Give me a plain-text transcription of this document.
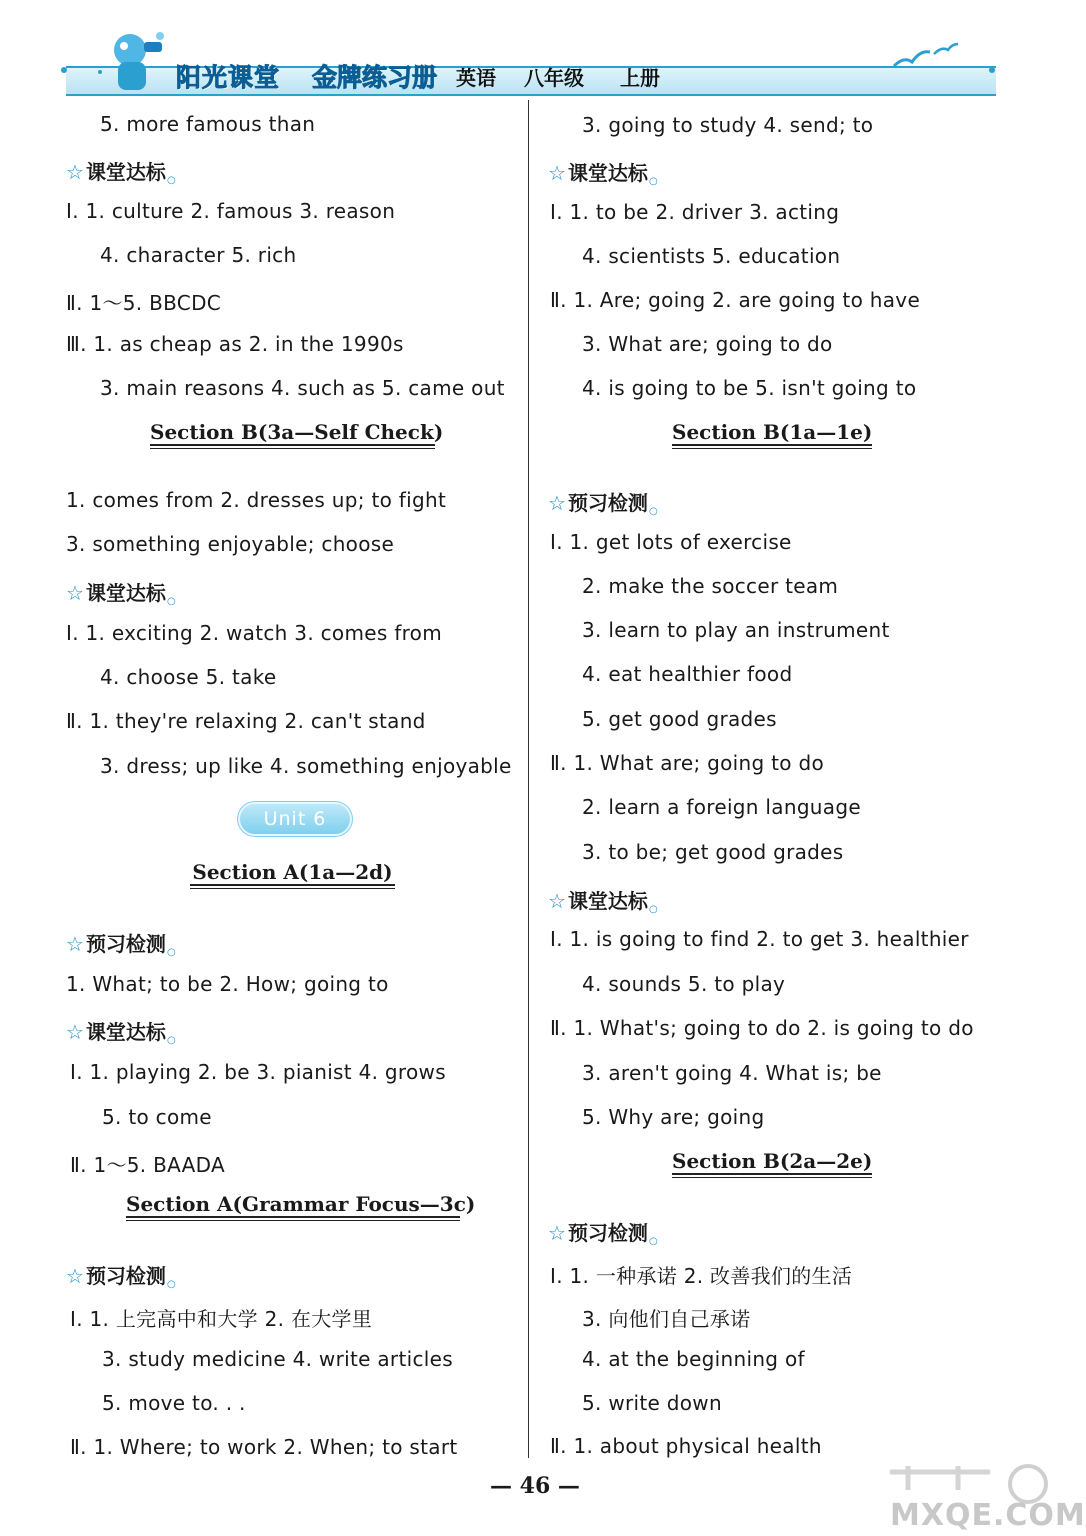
阳光课堂 金牌练习册 英语 八年级 上册
5. more famous than
☆ 课堂达标$_○$
Ⅰ. 1. culture 2. famous 3. reason
4. character 5. rich
Ⅱ. 1～5. BBCDC
Ⅲ. 1. as cheap as 2. in the 1990s
3. main reasons 4. such as 5. came out
Section B(3a—Self Check)
1. comes from 2. dresses up; to fight
3. something enjoyable; choose
☆ 课堂达标$_○$
Ⅰ. 1. exciting 2. watch 3. comes from
4. choose 5. take
Ⅱ. 1. they're relaxing 2. can't stand
3. dress; up like 4. something enjoyable
Unit 6
Section A(1a—2d)
☆ 预习检测$_○$
1. What; to be 2. How; going to
☆ 课堂达标$_○$
Ⅰ. 1. playing 2. be 3. pianist 4. grows
5. to come
Ⅱ. 1～5. BAADA
Section A(Grammar Focus—3c)
☆ 预习检测$_○$
Ⅰ. 1. 上完高中和大学 2. 在大学里
3. study medicine 4. write articles
5. move to. . .
Ⅱ. 1. Where; to work 2. When; to start
3. going to study 4. send; to
☆ 课堂达标$_○$
Ⅰ. 1. to be 2. driver 3. acting
4. scientists 5. education
Ⅱ. 1. Are; going 2. are going to have
3. What are; going to do
4. is going to be 5. isn't going to
Section B(1a—1e)
☆ 预习检测$_○$
Ⅰ. 1. get lots of exercise
2. make the soccer team
3. learn to play an instrument
4. eat healthier food
5. get good grades
Ⅱ. 1. What are; going to do
2. learn a foreign language
3. to be; get good grades
☆ 课堂达标$_○$
Ⅰ. 1. is going to find 2. to get 3. healthier
4. sounds 5. to play
Ⅱ. 1. What's; going to do 2. is going to do
3. aren't going 4. What is; be
5. Why are; going
Section B(2a—2e)
☆ 预习检测$_○$
Ⅰ. 1. 一种承诺 2. 改善我们的生活
3. 向他们自己承诺
4. at the beginning of
5. write down
Ⅱ. 1. about physical health
— 46 —
MXQE.COM
